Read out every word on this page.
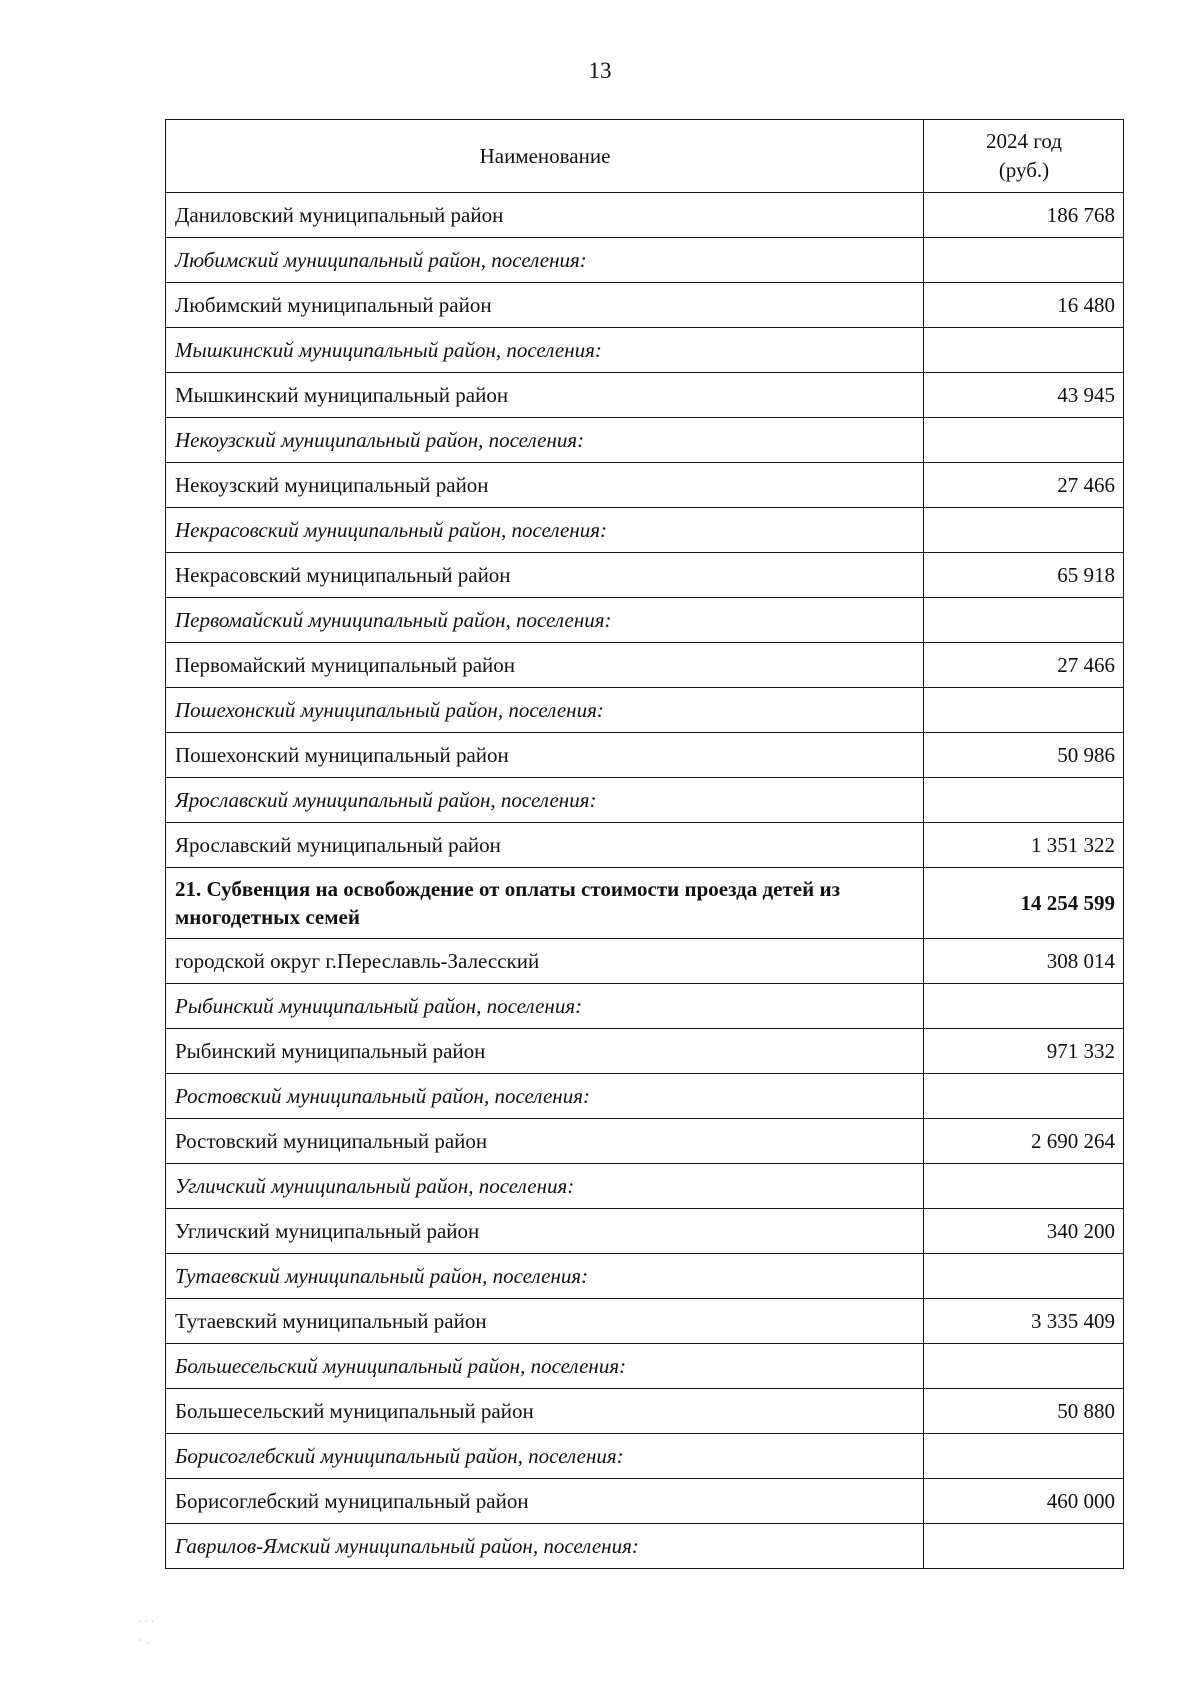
13
Наименование	2024 год
(руб.)
Даниловский муниципальный район	186 768
Любимский муниципальный район, поселения:	
Любимский муниципальный район	16 480
Мышкинский муниципальный район, поселения:	
Мышкинский муниципальный район	43 945
Некоузский муниципальный район, поселения:	
Некоузский муниципальный район	27 466
Некрасовский муниципальный район, поселения:	
Некрасовский муниципальный район	65 918
Первомайский муниципальный район, поселения:	
Первомайский муниципальный район	27 466
Пошехонский муниципальный район, поселения:	
Пошехонский муниципальный район	50 986
Ярославский муниципальный район, поселения:	
Ярославский муниципальный район	1 351 322
21. Субвенция на освобождение от оплаты стоимости проезда детей из многодетных семей	14 254 599
городской округ г.Переславль-Залесский	308 014
Рыбинский муниципальный район, поселения:	
Рыбинский муниципальный район	971 332
Ростовский муниципальный район, поселения:	
Ростовский муниципальный район	2 690 264
Угличский муниципальный район, поселения:	
Угличский муниципальный район	340 200
Тутаевский муниципальный район, поселения:	
Тутаевский муниципальный район	3 335 409
Большесельский муниципальный район, поселения:	
Большесельский муниципальный район	50 880
Борисоглебский муниципальный район, поселения:	
Борисоглебский муниципальный район	460 000
Гаврилов-Ямский муниципальный район, поселения:	
· · ·
` ·
